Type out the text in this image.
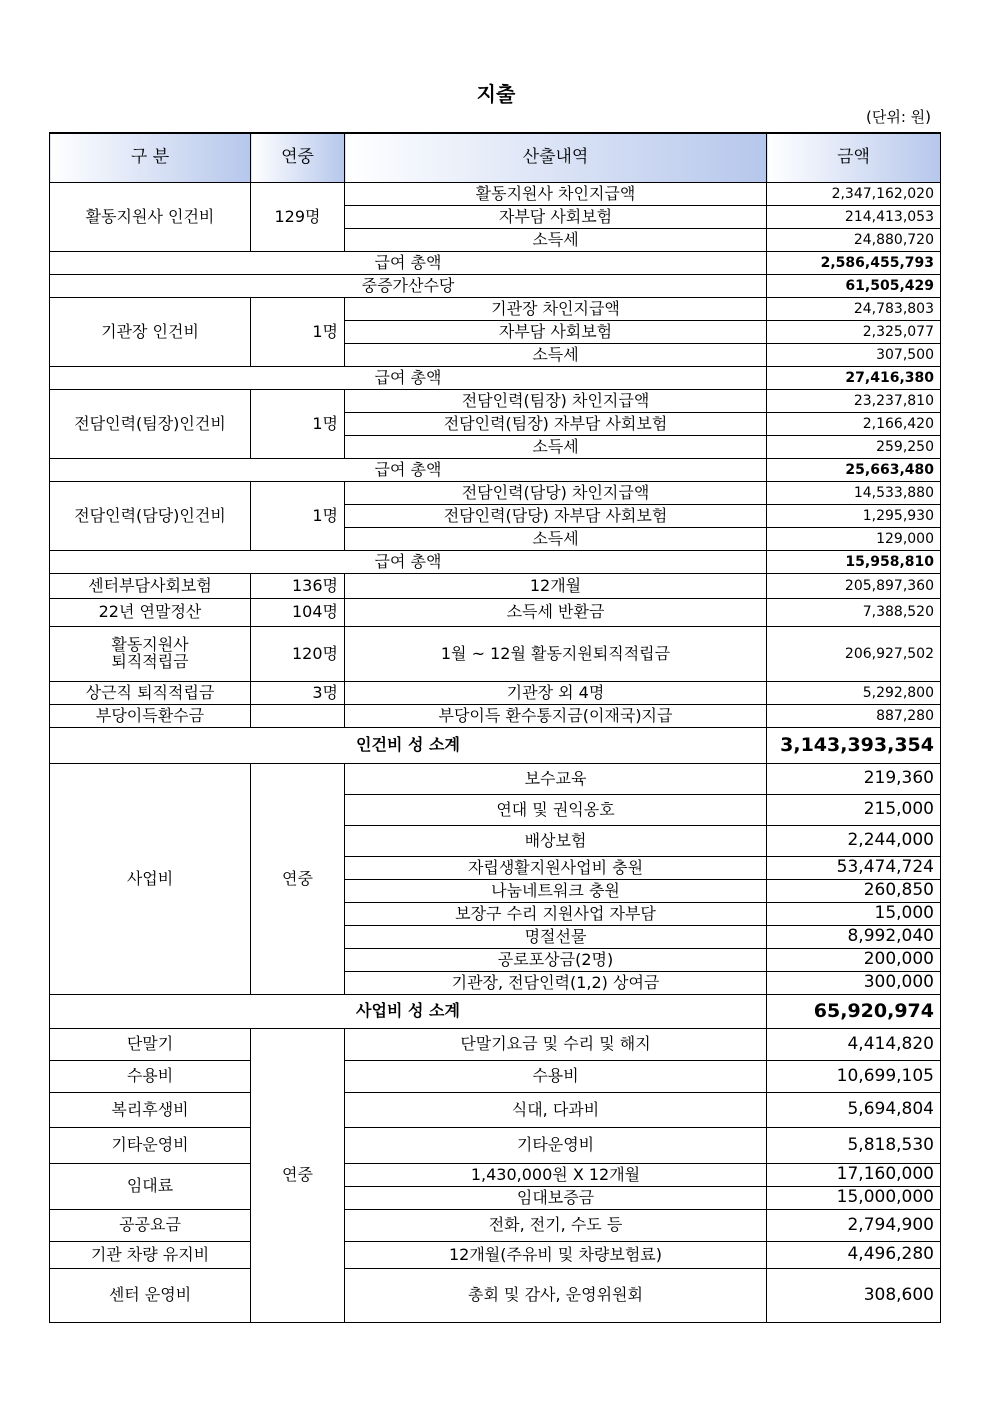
지출
(단위: 원)
구 분	연중	산출내역	금액
활동지원사 인건비	129명	활동지원사 차인지급액	2,347,162,020
		자부담 사회보험	214,413,053
		소득세	24,880,720
급여 총액			2,586,455,793
중증가산수당			61,505,429
기관장 인건비	1명	기관장 차인지급액	24,783,803
		자부담 사회보험	2,325,077
		소득세	307,500
급여 총액			27,416,380
전담인력(팀장)인건비	1명	전담인력(팀장) 차인지급액	23,237,810
		전담인력(팀장) 자부담 사회보험	2,166,420
		소득세	259,250
급여 총액			25,663,480
전담인력(담당)인건비	1명	전담인력(담당) 차인지급액	14,533,880
		전담인력(담당) 자부담 사회보험	1,295,930
		소득세	129,000
급여 총액			15,958,810
센터부담사회보험	136명	12개월	205,897,360
22년 연말정산	104명	소득세 반환금	7,388,520
활동지원사
퇴직적립금	120명	1월 ~ 12월 활동지원퇴직적립금	206,927,502
상근직 퇴직적립금	3명	기관장 외 4명	5,292,800
부당이득환수금		부당이득 환수통지금(이재국)지급	887,280
인건비 성 소계			3,143,393,354
사업비	연중	보수교육	219,360
		연대 및 권익옹호	215,000
		배상보험	2,244,000
		자립생활지원사업비 충원	53,474,724
		나눔네트워크 충원	260,850
		보장구 수리 지원사업 자부담	15,000
		명절선물	8,992,040
		공로포상금(2명)	200,000
		기관장, 전담인력(1,2) 상여금	300,000
사업비 성 소계			65,920,974
단말기	연중	단말기요금 및 수리 및 해지	4,414,820
수용비		수용비	10,699,105
복리후생비		식대, 다과비	5,694,804
기타운영비		기타운영비	5,818,530
임대료		1,430,000원 X 12개월	17,160,000
		임대보증금	15,000,000
공공요금		전화, 전기, 수도 등	2,794,900
기관 차량 유지비		12개월(주유비 및 차량보험료)	4,496,280
센터 운영비		총회 및 감사, 운영위원회	308,600
